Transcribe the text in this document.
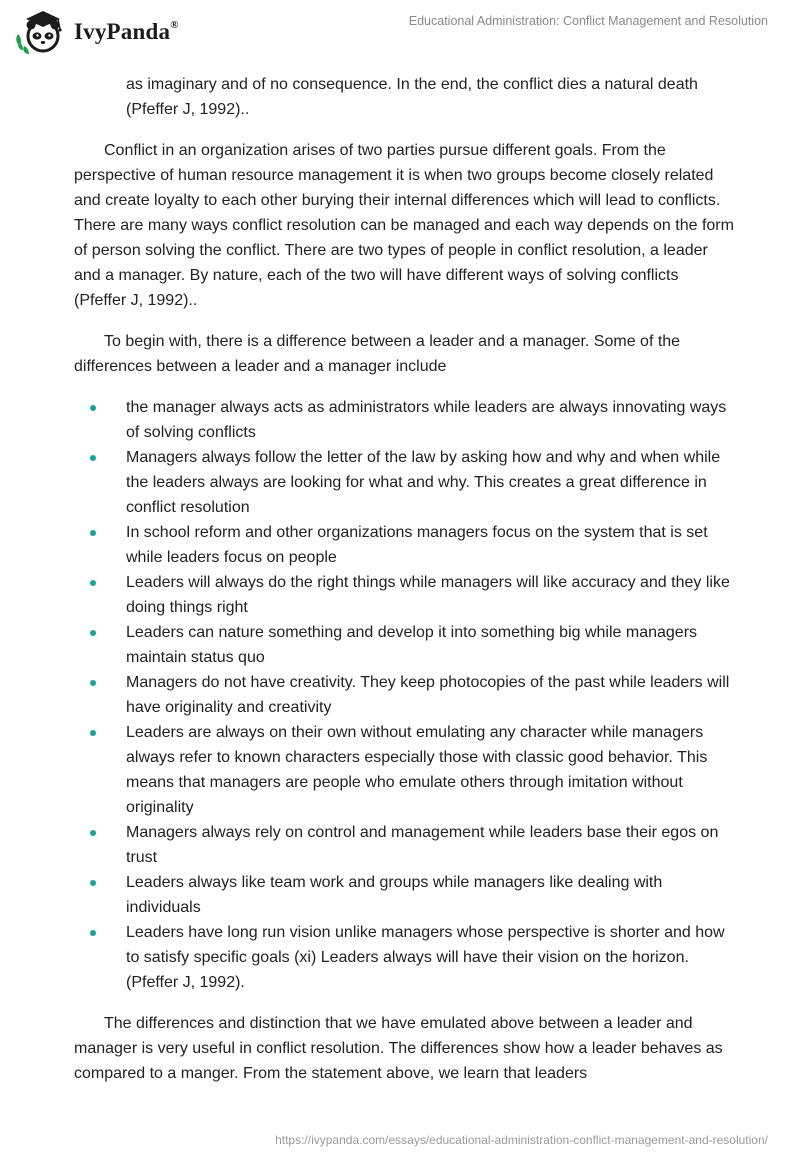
IvyPanda®	Educational Administration: Conflict Management and Resolution

as imaginary and of no consequence. In the end, the conflict dies a natural death (Pfeffer J, 1992)..

Conflict in an organization arises of two parties pursue different goals. From the perspective of human resource management it is when two groups become closely related and create loyalty to each other burying their internal differences which will lead to conflicts. There are many ways conflict resolution can be managed and each way depends on the form of person solving the conflict. There are two types of people in conflict resolution, a leader and a manager. By nature, each of the two will have different ways of solving conflicts (Pfeffer J, 1992)..

To begin with, there is a difference between a leader and a manager. Some of the differences between a leader and a manager include

the manager always acts as administrators while leaders are always innovating ways of solving conflicts
Managers always follow the letter of the law by asking how and why and when while the leaders always are looking for what and why. This creates a great difference in conflict resolution
In school reform and other organizations managers focus on the system that is set while leaders focus on people
Leaders will always do the right things while managers will like accuracy and they like doing things right
Leaders can nature something and develop it into something big while managers maintain status quo
Managers do not have creativity. They keep photocopies of the past while leaders will have originality and creativity
Leaders are always on their own without emulating any character while managers always refer to known characters especially those with classic good behavior. This means that managers are people who emulate others through imitation without originality
Managers always rely on control and management while leaders base their egos on trust
Leaders always like team work and groups while managers like dealing with individuals
Leaders have long run vision unlike managers whose perspective is shorter and how to satisfy specific goals (xi) Leaders always will have their vision on the horizon. (Pfeffer J, 1992).

The differences and distinction that we have emulated above between a leader and manager is very useful in conflict resolution. The differences show how a leader behaves as compared to a manger. From the statement above, we learn that leaders

https://ivypanda.com/essays/educational-administration-conflict-management-and-resolution/
